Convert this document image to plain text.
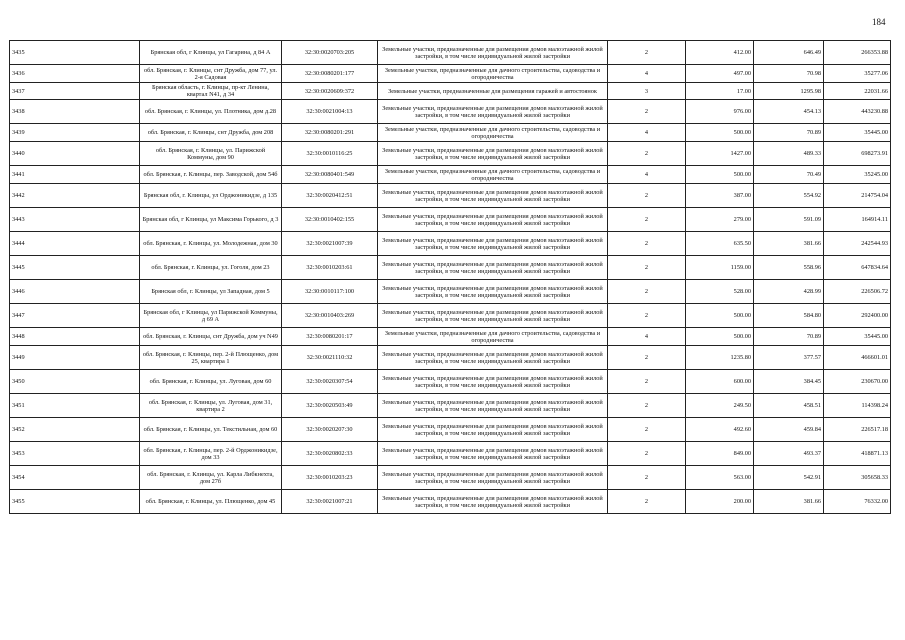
184
3435	Брянская обл, г Клинцы, ул Гагарина, д 84 А	32:30:0020703:205	Земельные участки, предназначенные для размещения домов малоэтажной жилой застройки, в том числе индивидуальной жилой застройки	2	412.00	646.49	266353.88
3436	обл. Брянская, г. Клинцы, снт Дружба, дом 77, ул. 2-я Садовая	32:30:0080201:177	Земельные участки, предназначенные для дачного строительства, садоводства и огородничества	4	497.00	70.98	35277.06
3437	Брянская область, г. Клинцы, пр-кт Ленина, квартал N41, д 34	32:30:0020609:372	Земельные участки, предназначенные для размещения гаражей и автостоянок	3	17.00	1295.98	22031.66
3438	обл. Брянская, г. Клинцы, ул. Плотника, дом д.28	32:30:0021004:13	Земельные участки, предназначенные для размещения домов малоэтажной жилой застройки, в том числе индивидуальной жилой застройки	2	976.00	454.13	443230.88
3439	обл. Брянская, г. Клинцы, снт Дружба, дом 208	32:30:0080201:291	Земельные участки, предназначенные для дачного строительства, садоводства и огородничества	4	500.00	70.89	35445.00
3440	обл. Брянская, г. Клинцы, ул. Парижской Коммуны, дом 90	32:30:0010116:25	Земельные участки, предназначенные для размещения домов малоэтажной жилой застройки, в том числе индивидуальной жилой застройки	2	1427.00	489.33	698273.91
3441	обл. Брянская, г. Клинцы, пер. Заводской, дом 54б	32:30:0080401:549	Земельные участки, предназначенные для дачного строительства, садоводства и огородничества	4	500.00	70.49	35245.00
3442	Брянская обл, г. Клинцы, ул Орджоникидзе, д 135	32:30:0020412:51	Земельные участки, предназначенные для размещения домов малоэтажной жилой застройки, в том числе индивидуальной жилой застройки	2	387.00	554.92	214754.04
3443	Брянская обл, г Клинцы, ул Максима Горького, д 3	32:30:0010402:155	Земельные участки, предназначенные для размещения домов малоэтажной жилой застройки, в том числе индивидуальной жилой застройки	2	279.00	591.09	164914.11
3444	обл. Брянская, г. Клинцы, ул. Молодежная, дом 30	32:30:0021007:39	Земельные участки, предназначенные для размещения домов малоэтажной жилой застройки, в том числе индивидуальной жилой застройки	2	635.50	381.66	242544.93
3445	обл. Брянская, г. Клинцы, ул. Гоголя, дом 23	32:30:0010203:61	Земельные участки, предназначенные для размещения домов малоэтажной жилой застройки, в том числе индивидуальной жилой застройки	2	1159.00	558.96	647834.64
3446	Брянская обл, г. Клинцы, ул Западная, дом 5	32:30:0010117:100	Земельные участки, предназначенные для размещения домов малоэтажной жилой застройки, в том числе индивидуальной жилой застройки	2	528.00	428.99	226506.72
3447	Брянская обл, г Клинцы, ул Парижской Коммуны, д 69 А	32:30:0010403:269	Земельные участки, предназначенные для размещения домов малоэтажной жилой застройки, в том числе индивидуальной жилой застройки	2	500.00	584.80	292400.00
3448	обл. Брянская, г. Клинцы, снт Дружба, дом уч N49	32:30:0080201:17	Земельные участки, предназначенные для дачного строительства, садоводства и огородничества	4	500.00	70.89	35445.00
3449	обл. Брянская, г. Клинцы, пер. 2-й Плющенко, дом 25, квартира 1	32:30:0021110:32	Земельные участки, предназначенные для размещения домов малоэтажной жилой застройки, в том числе индивидуальной жилой застройки	2	1235.80	377.57	466601.01
3450	обл. Брянская, г. Клинцы, ул. Луговая, дом 60	32:30:0020307:54	Земельные участки, предназначенные для размещения домов малоэтажной жилой застройки, в том числе индивидуальной жилой застройки	2	600.00	384.45	230670.00
3451	обл. Брянская, г. Клинцы, ул. Луговая, дом 31, квартира 2	32:30:0020503:49	Земельные участки, предназначенные для размещения домов малоэтажной жилой застройки, в том числе индивидуальной жилой застройки	2	249.50	458.51	114398.24
3452	обл. Брянская, г. Клинцы, ул. Текстильная, дом 60	32:30:0020207:30	Земельные участки, предназначенные для размещения домов малоэтажной жилой застройки, в том числе индивидуальной жилой застройки	2	492.60	459.84	226517.18
3453	обл. Брянская, г. Клинцы, пер. 2-й Орджоникидзе, дом 33	32:30:0020802:33	Земельные участки, предназначенные для размещения домов малоэтажной жилой застройки, в том числе индивидуальной жилой застройки	2	849.00	493.37	418871.13
3454	обл. Брянская, г. Клинцы, ул. Карла Либкнехта, дом 27б	32:30:0010203:23	Земельные участки, предназначенные для размещения домов малоэтажной жилой застройки, в том числе индивидуальной жилой застройки	2	563.00	542.91	305658.33
3455	обл. Брянская, г. Клинцы, ул. Плющенко, дом 45	32:30:0021007:21	Земельные участки, предназначенные для размещения домов малоэтажной жилой застройки, в том числе индивидуальной жилой застройки	2	200.00	381.66	76332.00
